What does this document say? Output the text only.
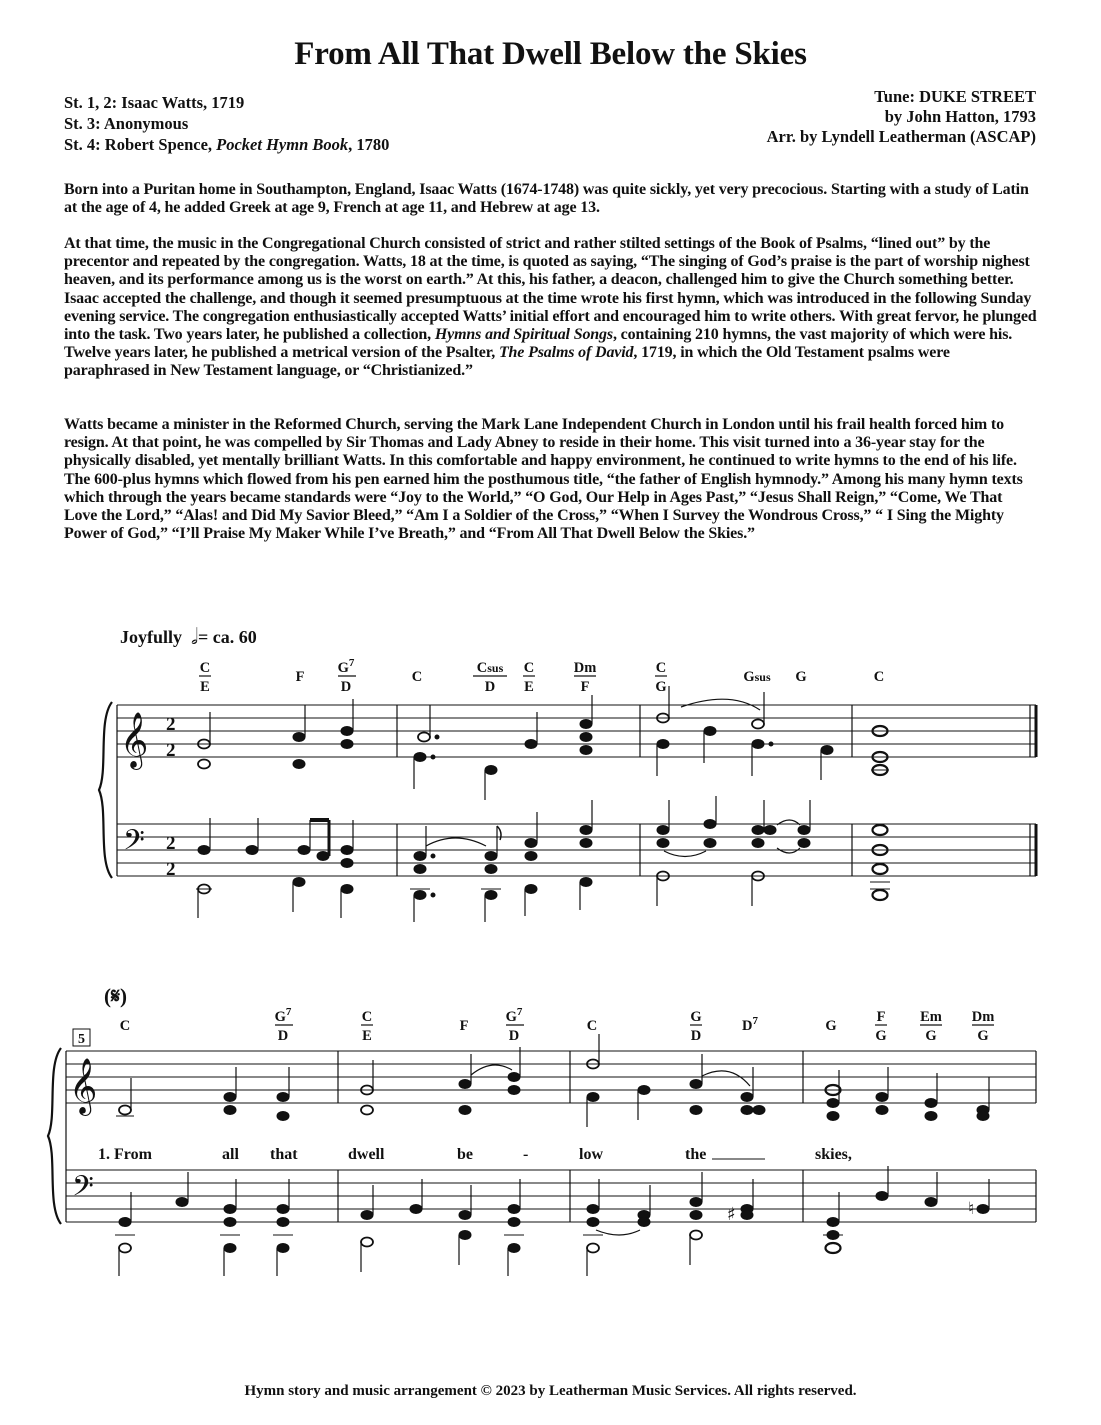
From All That Dwell Below the Skies
St. 1, 2: Isaac Watts, 1719
St. 3: Anonymous
St. 4: Robert Spence, Pocket Hymn Book, 1780
Tune: DUKE STREET
by John Hatton, 1793
Arr. by Lyndell Leatherman (ASCAP)

Born into a Puritan home in Southampton, England, Isaac Watts (1674-1748) was quite sickly, yet very precocious. Starting with a study of Latin at the age of 4, he added Greek at age 9, French at age 11, and Hebrew at age 13.

At that time, the music in the Congregational Church consisted of strict and rather stilted settings of the Book of Psalms, “lined out” by the precentor and repeated by the congregation. Watts, 18 at the time, is quoted as saying, “The singing of God’s praise is the part of worship nighest heaven, and its performance among us is the worst on earth.” At this, his father, a deacon, challenged him to give the Church something better. Isaac accepted the challenge, and though it seemed presumptuous at the time wrote his first hymn, which was introduced in the following Sunday evening service. The congregation enthusiastically accepted Watts’ initial effort and encouraged him to write others. With great fervor, he plunged into the task. Two years later, he published a collection, Hymns and Spiritual Songs, containing 210 hymns, the vast majority of which were his. Twelve years later, he published a metrical version of the Psalter, The Psalms of David, 1719, in which the Old Testament psalms were paraphrased in New Testament language, or “Christianized.”

Watts became a minister in the Reformed Church, serving the Mark Lane Independent Church in London until his frail health forced him to resign. At that point, he was compelled by Sir Thomas and Lady Abney to reside in their home. This visit turned into a 36-year stay for the physically disabled, yet mentally brilliant Watts. In this comfortable and happy environment, he continued to write hymns to the end of his life. The 600-plus hymns which flowed from his pen earned him the posthumous title, “the father of English hymnody.” Among his many hymn texts which through the years became standards were “Joy to the World,” “O God, Our Help in Ages Past,” “Jesus Shall Reign,” “Come, We That Love the Lord,” “Alas! and Did My Savior Bleed,” “Am I a Soldier of the Cross,” “When I Survey the Wondrous Cross,” “ I Sing the Mighty Power of God,” “I’ll Praise My Maker While I’ve Breath,” and “From All That Dwell Below the Skies.”

Joyfully 𝅗𝅥= ca. 60
𝄞
𝄢
2
2
2
2
C
E
F
$G^7$
D
C
Csus
D
C
E
Dm
F
C
G
Gsus G	C
𝄞
𝄢
(𝄋)
5
♯	♮
C
$G^7$
D
C
E
F
$G^7$
D
C
G
D
$D^7$	G
F
G
Em
G
Dm
G
1. From	all that	dwell	be	-	low	the	skies,
Hymn story and music arrangement © 2023 by Leatherman Music Services. All rights reserved.
